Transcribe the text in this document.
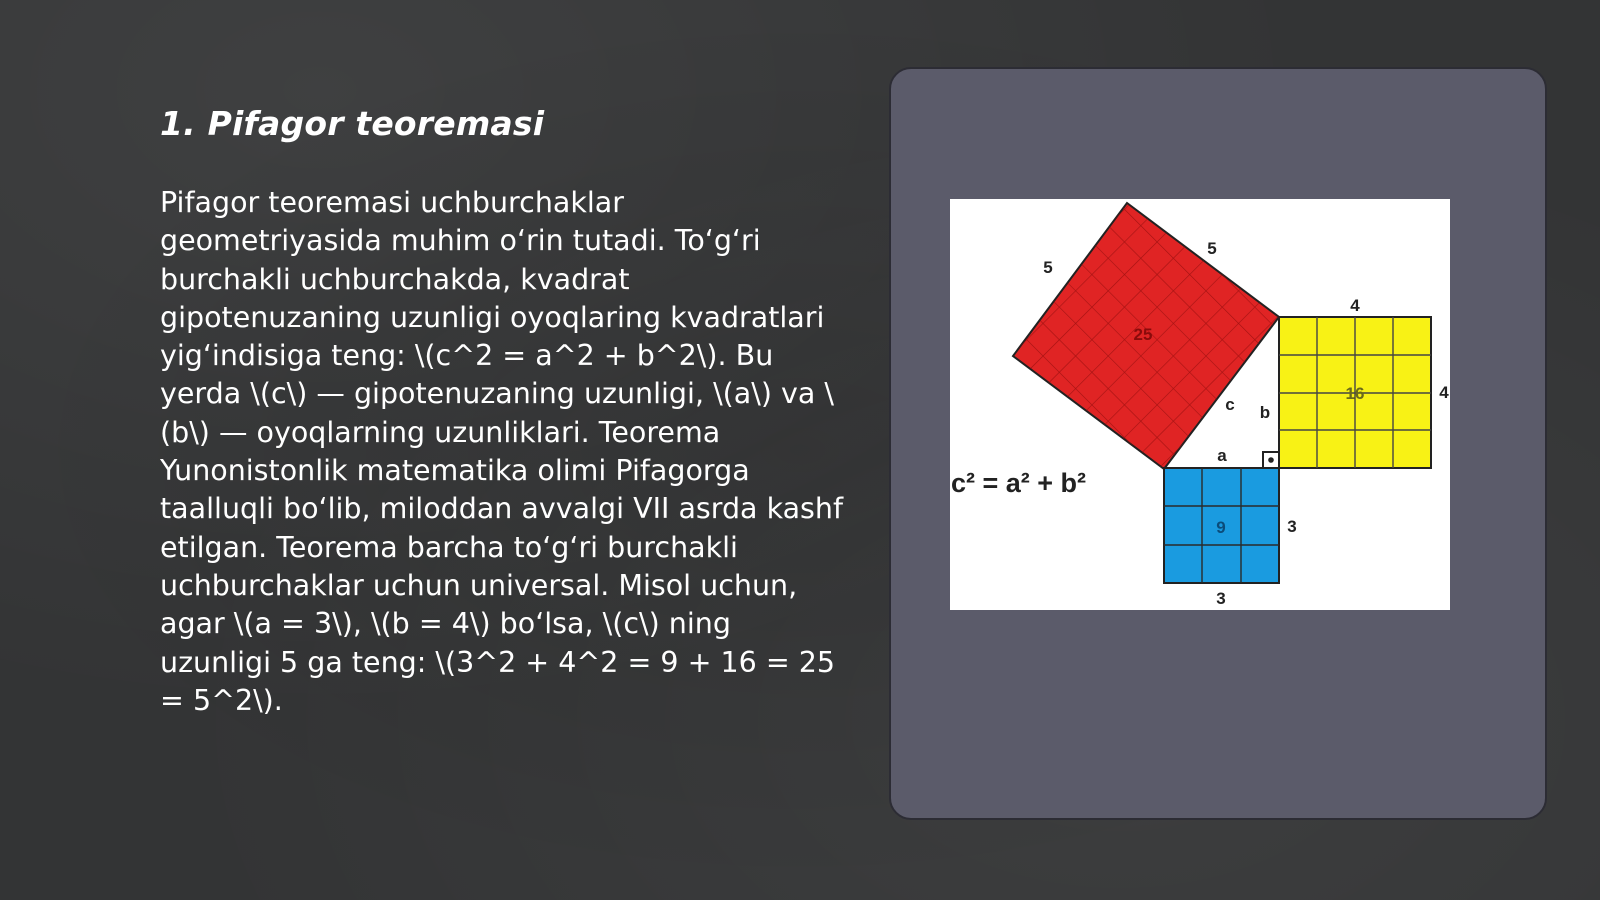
1. Pifagor teoremasi

Pifagor teoremasi uchburchaklar geometriyasida muhim o‘rin tutadi. To‘g‘ri burchakli uchburchakda, kvadrat gipotenuzaning uzunligi oyoqlaring kvadratlari yig‘indisiga teng: \(c^2 = a^2 + b^2\). Bu yerda \(c\) — gipotenuzaning uzunligi, \(a\) va \(b\) — oyoqlarning uzunliklari. Teorema Yunonistonlik matematika olimi Pifagorga taalluqli bo‘lib, miloddan avvalgi VII asrda kashf etilgan. Teorema barcha to‘g‘ri burchakli uchburchaklar uchun universal. Misol uchun, agar \(a = 3\), \(b = 4\) bo‘lsa, \(c\) ning uzunligi 5 ga teng: \(3^2 + 4^2 = 9 + 16 = 25 = 5^2\).

25
5
5
16
4
4
9	3
3
c b
a
c² = a² + b²
